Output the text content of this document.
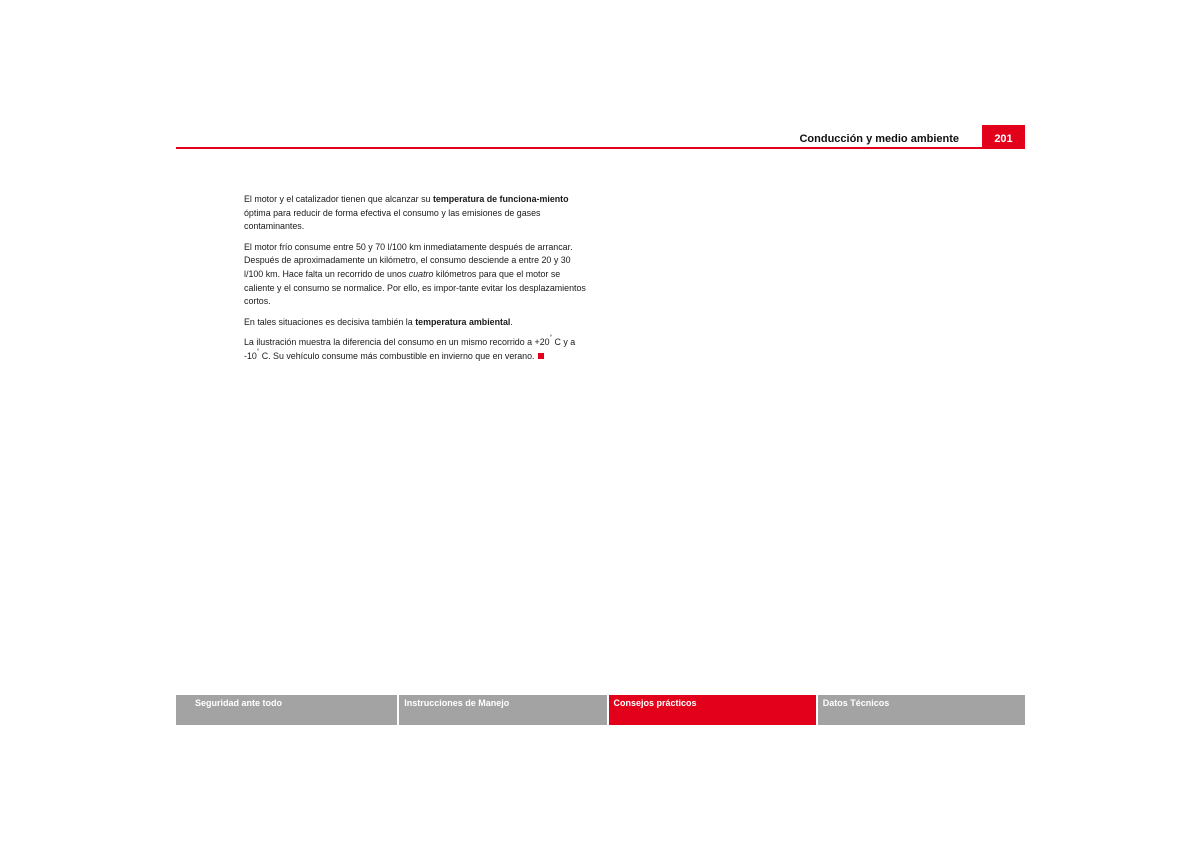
Conducción y medio ambiente	201

El motor y el catalizador tienen que alcanzar su temperatura de funciona-miento óptima para reducir de forma efectiva el consumo y las emisiones de gases contaminantes.

El motor frío consume entre 50 y 70 l/100 km inmediatamente después de arrancar. Después de aproximadamente un kilómetro, el consumo desciende a entre 20 y 30 l/100 km. Hace falta un recorrido de unos cuatro kilómetros para que el motor se caliente y el consumo se normalice. Por ello, es impor-tante evitar los desplazamientos cortos.

En tales situaciones es decisiva también la temperatura ambiental.

La ilustración muestra la diferencia del consumo en un mismo recorrido a +20° C y a -10° C. Su vehículo consume más combustible en invierno que en verano.

Seguridad ante todo	Instrucciones de Manejo	Consejos prácticos	Datos Técnicos
